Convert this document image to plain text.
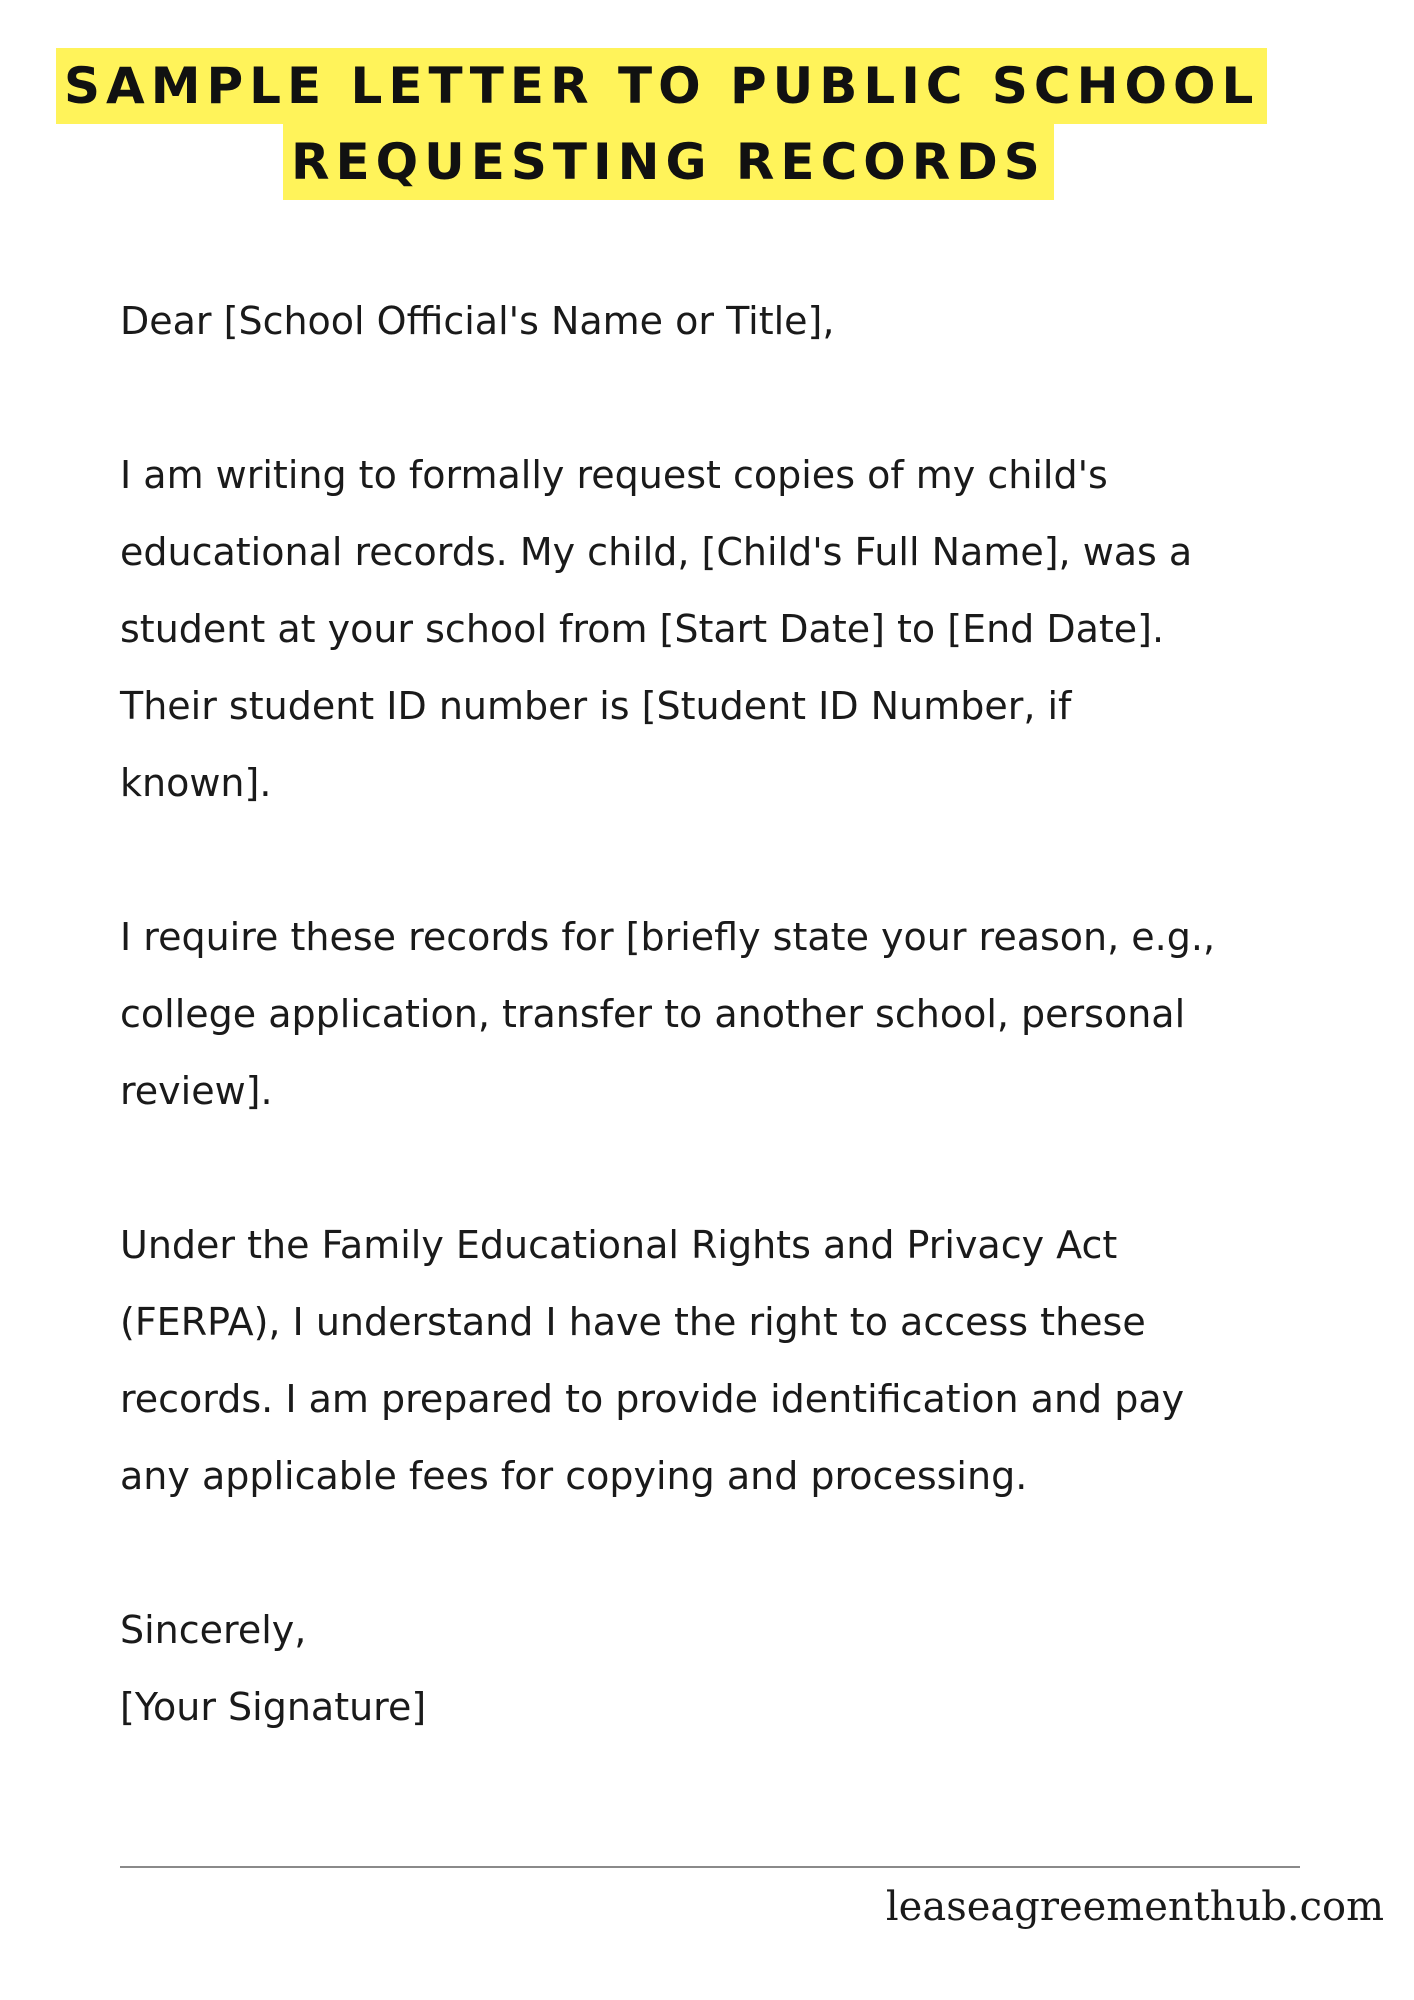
SAMPLE LETTER TO PUBLIC SCHOOL
REQUESTING RECORDS

Dear [School Official's Name or Title],

I am writing to formally request copies of my child's
educational records. My child, [Child's Full Name], was a
student at your school from [Start Date] to [End Date].
Their student ID number is [Student ID Number, if
known].

I require these records for [briefly state your reason, e.g.,
college application, transfer to another school, personal
review].

Under the Family Educational Rights and Privacy Act
(FERPA), I understand I have the right to access these
records. I am prepared to provide identification and pay
any applicable fees for copying and processing.

Sincerely,
[Your Signature]
leaseagreementhub.com
